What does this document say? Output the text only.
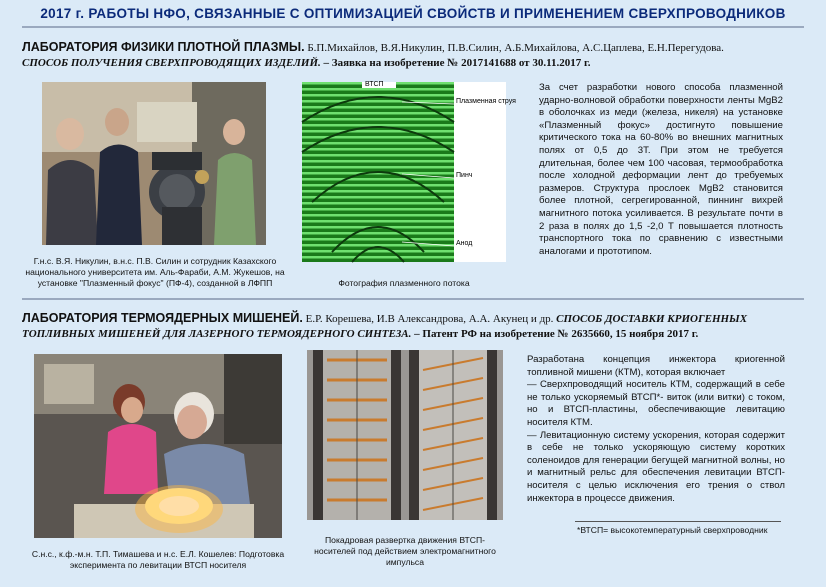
2017 г. РАБОТЫ НФО, СВЯЗАННЫЕ С ОПТИМИЗАЦИЕЙ СВОЙСТВ И ПРИМЕНЕНИЕМ СВЕРХПРОВОДНИКОВ
ЛАБОРАТОРИЯ ФИЗИКИ ПЛОТНОЙ ПЛАЗМЫ. Б.П.Михайлов, В.Я.Никулин, П.В.Силин, А.Б.Михайлова, А.С.Цаплева, Е.Н.Перегудова.
СПОСОБ ПОЛУЧЕНИЯ СВЕРХПРОВОДЯЩИХ ИЗДЕЛИЙ. – Заявка на изобретение № 2017141688 от 30.11.2017 г.
Г.н.с. В.Я. Никулин, в.н.с. П.В. Силин и сотрудник Казахского национального университета им. Аль-Фараби, А.М. Жукешов, на установке "Плазменный фокус" (ПФ-4), созданной в ЛФПП
ВТСП
Плазменная струя
Пинч
Анод
Фотография плазменного потока
За счет разработки нового способа плазменной ударно-волновой обработки поверхности ленты MgB2 в оболочках из меди (железа, никеля) на установке «Плазменный фокус» достигнуто повышение критического тока на 60-80% во внешних магнитных полях от 0,5 до 3Т. При этом не требуется длительная, более чем 100 часовая, термообработка после холодной деформации лент до требуемых размеров. Структура прослоек MgB2 становится более плотной, сегрегированной, пиннинг вихрей магнитного потока усиливается. В результате почти в 2 раза в полях до 1,5 -2,0 Т повышается плотность транспортного тока по сравнению с известными аналогами и прототипом.
ЛАБОРАТОРИЯ ТЕРМОЯДЕРНЫХ МИШЕНЕЙ. Е.Р. Корешева, И.В Александрова, А.А. Акунец и др. СПОСОБ ДОСТАВКИ КРИОГЕННЫХ ТОПЛИВНЫХ МИШЕНЕЙ ДЛЯ ЛАЗЕРНОГО ТЕРМОЯДЕРНОГО СИНТЕЗА. – Патент РФ на изобретение № 2635660, 15 ноября 2017 г.
С.н.с., к.ф.-м.н. Т.П. Тимашева и н.с. Е.Л. Кошелев: Подготовка эксперимента по левитации ВТСП носителя
Покадровая развертка движения ВТСП-носителей под действием электромагнитного импульса
Разработана концепция инжектора криогенной топливной мишени (КТМ), которая включает
— Сверхпроводящий носитель КТМ, содержащий в себе не только ускоряемый ВТСП*- виток (или витки) с током, но и ВТСП-пластины, обеспечивающие левитацию носителя КТМ.
— Левитационную систему ускорения, которая содержит в себе не только ускоряющую систему коротких соленоидов для генерации бегущей магнитной волны, но и магнитный рельс для обеспечения левитации ВТСП-носителя с целью исключения его трения о ствол инжектора в процессе движения.
*ВТСП= высокотемпературный сверхпроводник
